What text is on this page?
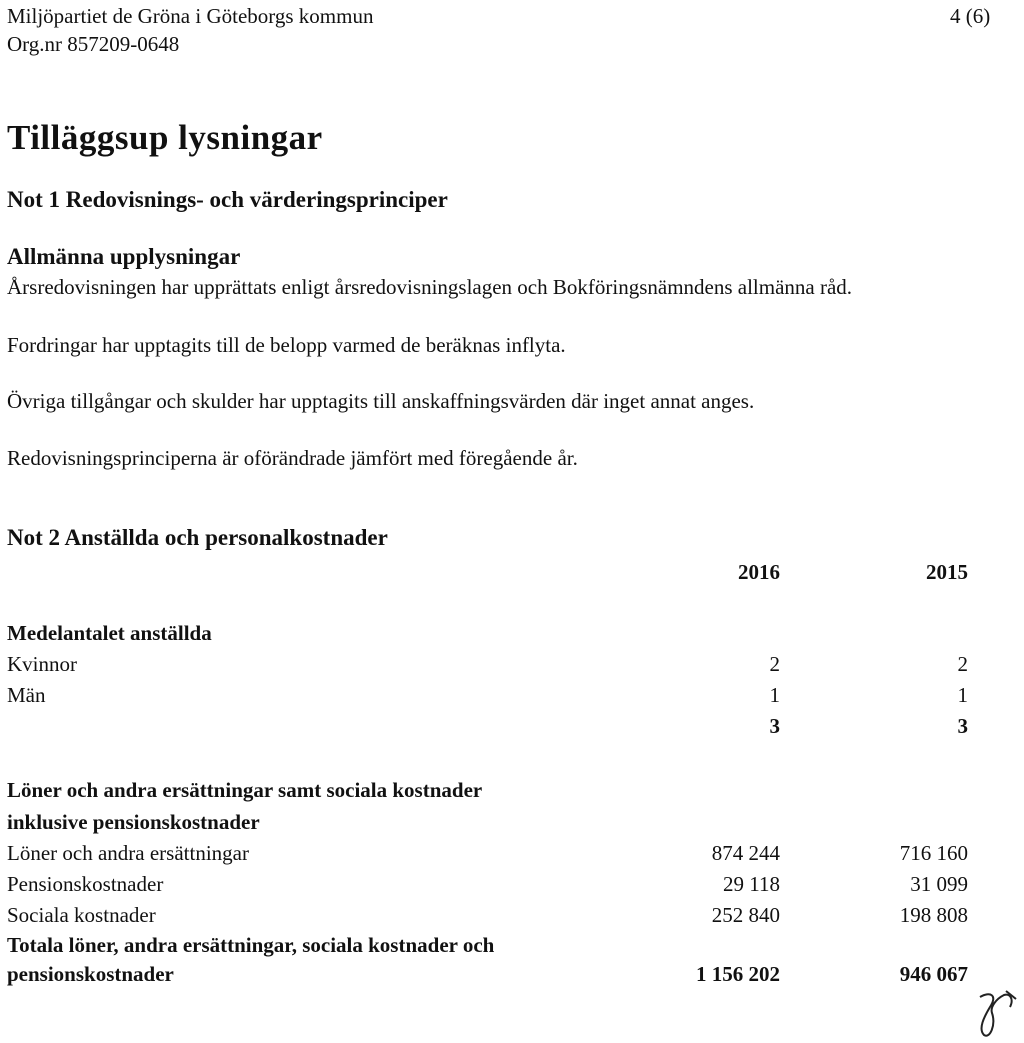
Miljöpartiet de Gröna i Göteborgs kommun
Org.nr 857209-0648
4 (6)
Tilläggsup lysningar
Not 1 Redovisnings- och värderingsprinciper
Allmänna upplysningar
Årsredovisningen har upprättats enligt årsredovisningslagen och Bokföringsnämndens allmänna råd.
Fordringar har upptagits till de belopp varmed de beräknas inflyta.
Övriga tillgångar och skulder har upptagits till anskaffningsvärden där inget annat anges.
Redovisningsprinciperna är oförändrade jämfört med föregående år.
Not 2 Anställda och personalkostnader
2016	2015
Medelantalet anställda
Kvinnor	2	2
Män	1	1
3	3
Löner och andra ersättningar samt sociala kostnader
inklusive pensionskostnader
Löner och andra ersättningar	874 244	716 160
Pensionskostnader	29 118	31 099
Sociala kostnader	252 840	198 808
Totala löner, andra ersättningar, sociala kostnader och
pensionskostnader	1 156 202	946 067
